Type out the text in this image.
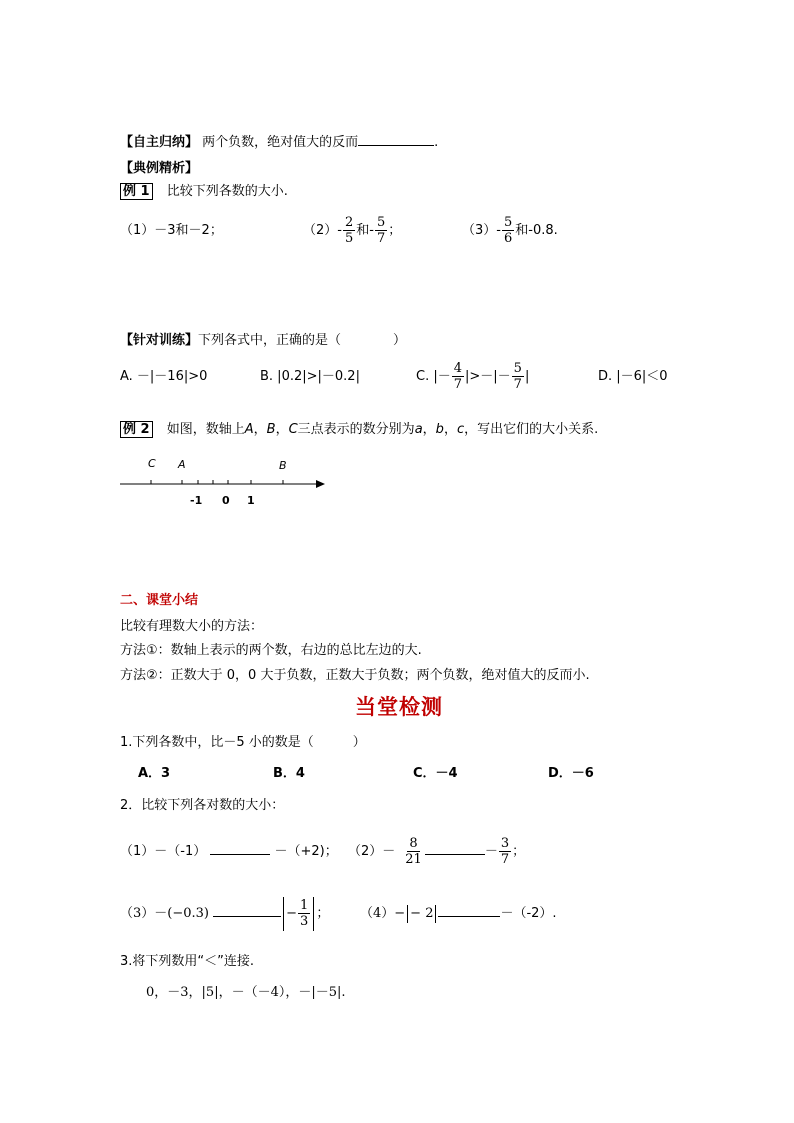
【自主归纳】 两个负数，绝对值大的反而	.
【典例精析】
例 1 比较下列各数的大小.
（1）－3和－2；	$(2)- \frac{2}{5}$ 和- $\frac{5}{7}$ ；	$(3)- \frac{5}{6}$ 和-0.8.
【针对训练】下列各式中，正确的是（　　　　）
A. －|－16|>0	B. |0.2|>|－0.2|	C. |－ $\frac{4}{7}$ |>－|－ $\frac{5}{7}$ |	D. |－6|＜0
例 2 如图，数轴上A，B，C三点表示的数分别为a，b，c，写出它们的大小关系.
C A	B
-1 0 1
二、课堂小结
比较有理数大小的方法：
方法①：数轴上表示的两个数，右边的总比左边的大.
方法②：正数大于 0，0 大于负数，正数大于负数；两个负数，绝对值大的反而小.
当堂检测
1.下列各数中，比－5 小的数是（　　　）
A．3	B．4	C．－4	D．－6
2．比较下列各对数的大小：
（1）－（-1）	－（+2)； $(2)- \frac{8}{21}$	－ $\frac{3}{7}$ ；
（3）－(−0.3)	− $\frac{1}{3}$ ； （4）− − 2	－（-2）.
3.将下列数用“＜”连接.
0，－3，|5|，－（－4），－|－5|.
